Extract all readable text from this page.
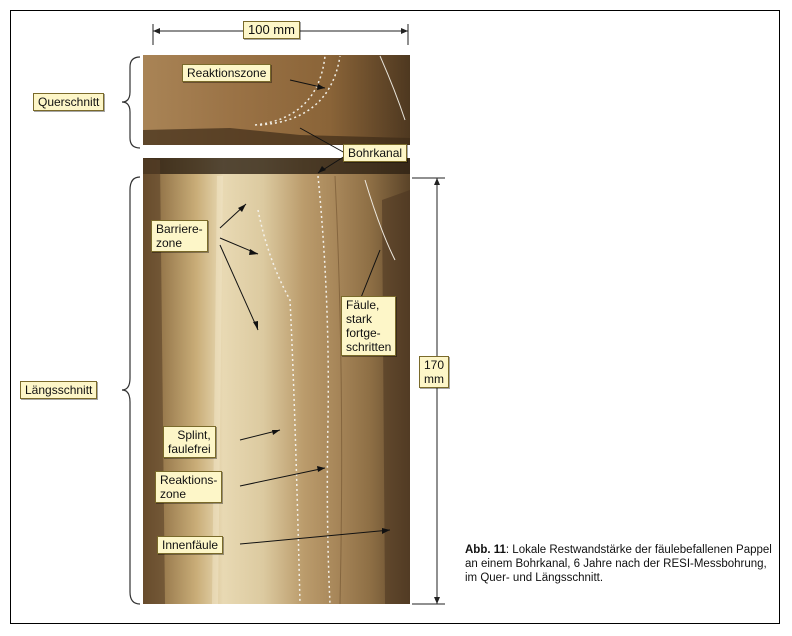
100 mm
Querschnitt
Längsschnitt
Reaktionszone
Bohrkanal
Barriere-
zone
Fäule,
stark
fortge-
schritten
170
mm
Splint,
faulefrei
Reaktions-
zone
Innenfäule	Abb. 11: Lokale Restwandstärke der fäulebefallenen Pappel an einem Bohrkanal, 6 Jahre nach der RESI-Messbohrung, im Quer- und Längsschnitt.
